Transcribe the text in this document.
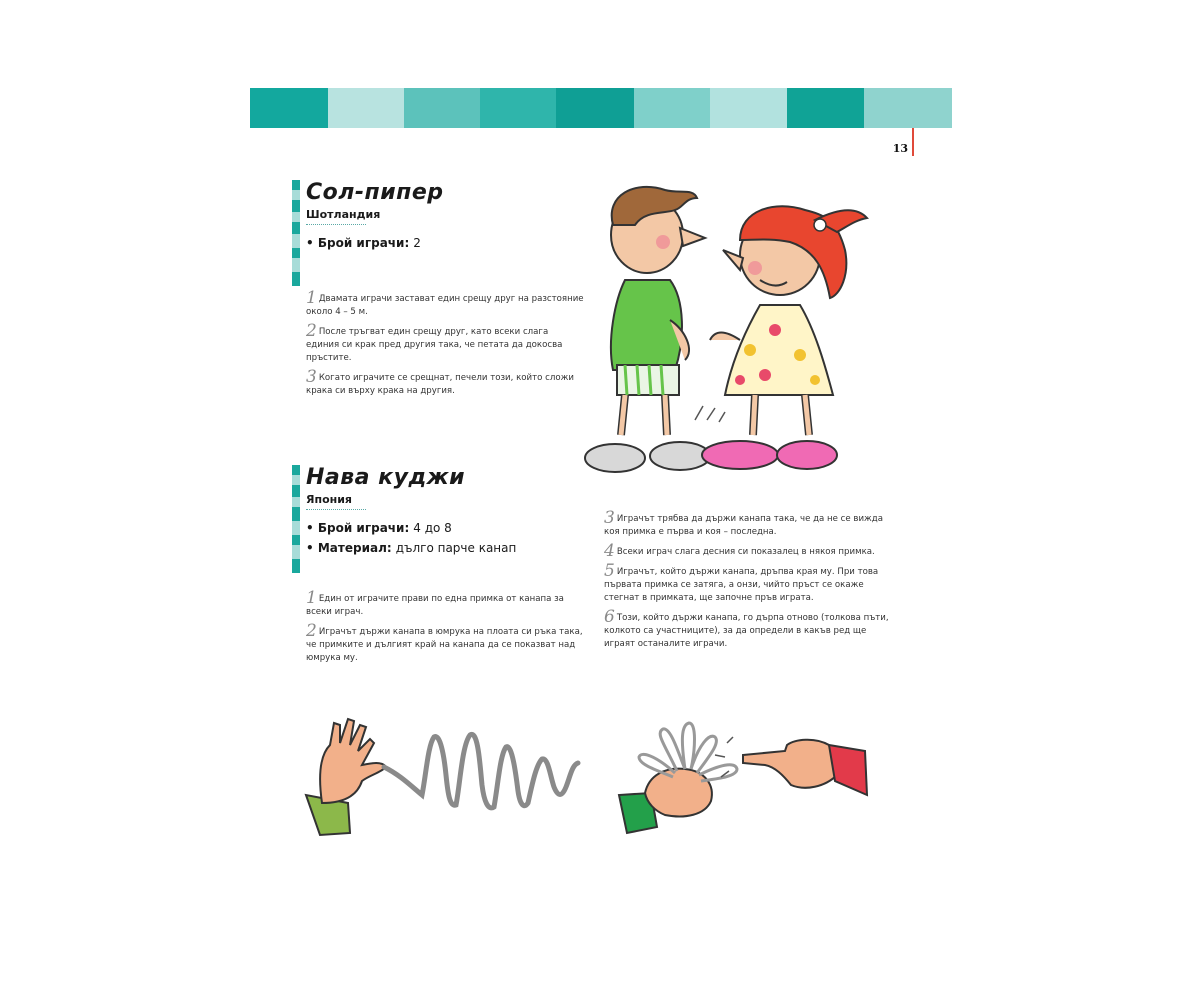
13
Сол-пипер
Шотландия
• Брой играчи: 2
1 Двамата играчи застават един срещу друг на разстояние около 4 – 5 м.
2 После тръгват един срещу друг, като всеки слага единия си крак пред другия така, че петата да докосва пръстите.
3 Когато играчите се срещнат, печели този, който сложи крака си върху крака на другия.
Нава куджи
Япония
• Брой играчи: 4 до 8
• Материал: дълго парче канап
1 Един от играчите прави по една примка от канапа за всеки играч.
2 Играчът държи канапа в юмрука на плоата си ръка така, че примките и дългият край на канапа да се показват над юмрука му.
3 Играчът трябва да държи канапа така, че да не се вижда коя примка е първа и коя – последна.
4 Всеки играч слага десния си показалец в някоя примка.
5 Играчът, който държи канапа, дръпва края му. При това първата примка се затяга, а онзи, чийто пръст се окаже стегнат в примката, ще започне пръв играта.
6 Този, който държи канапа, го дърпа отново (толкова пъти, колкото са участниците), за да определи в какъв ред ще играят останалите играчи.
